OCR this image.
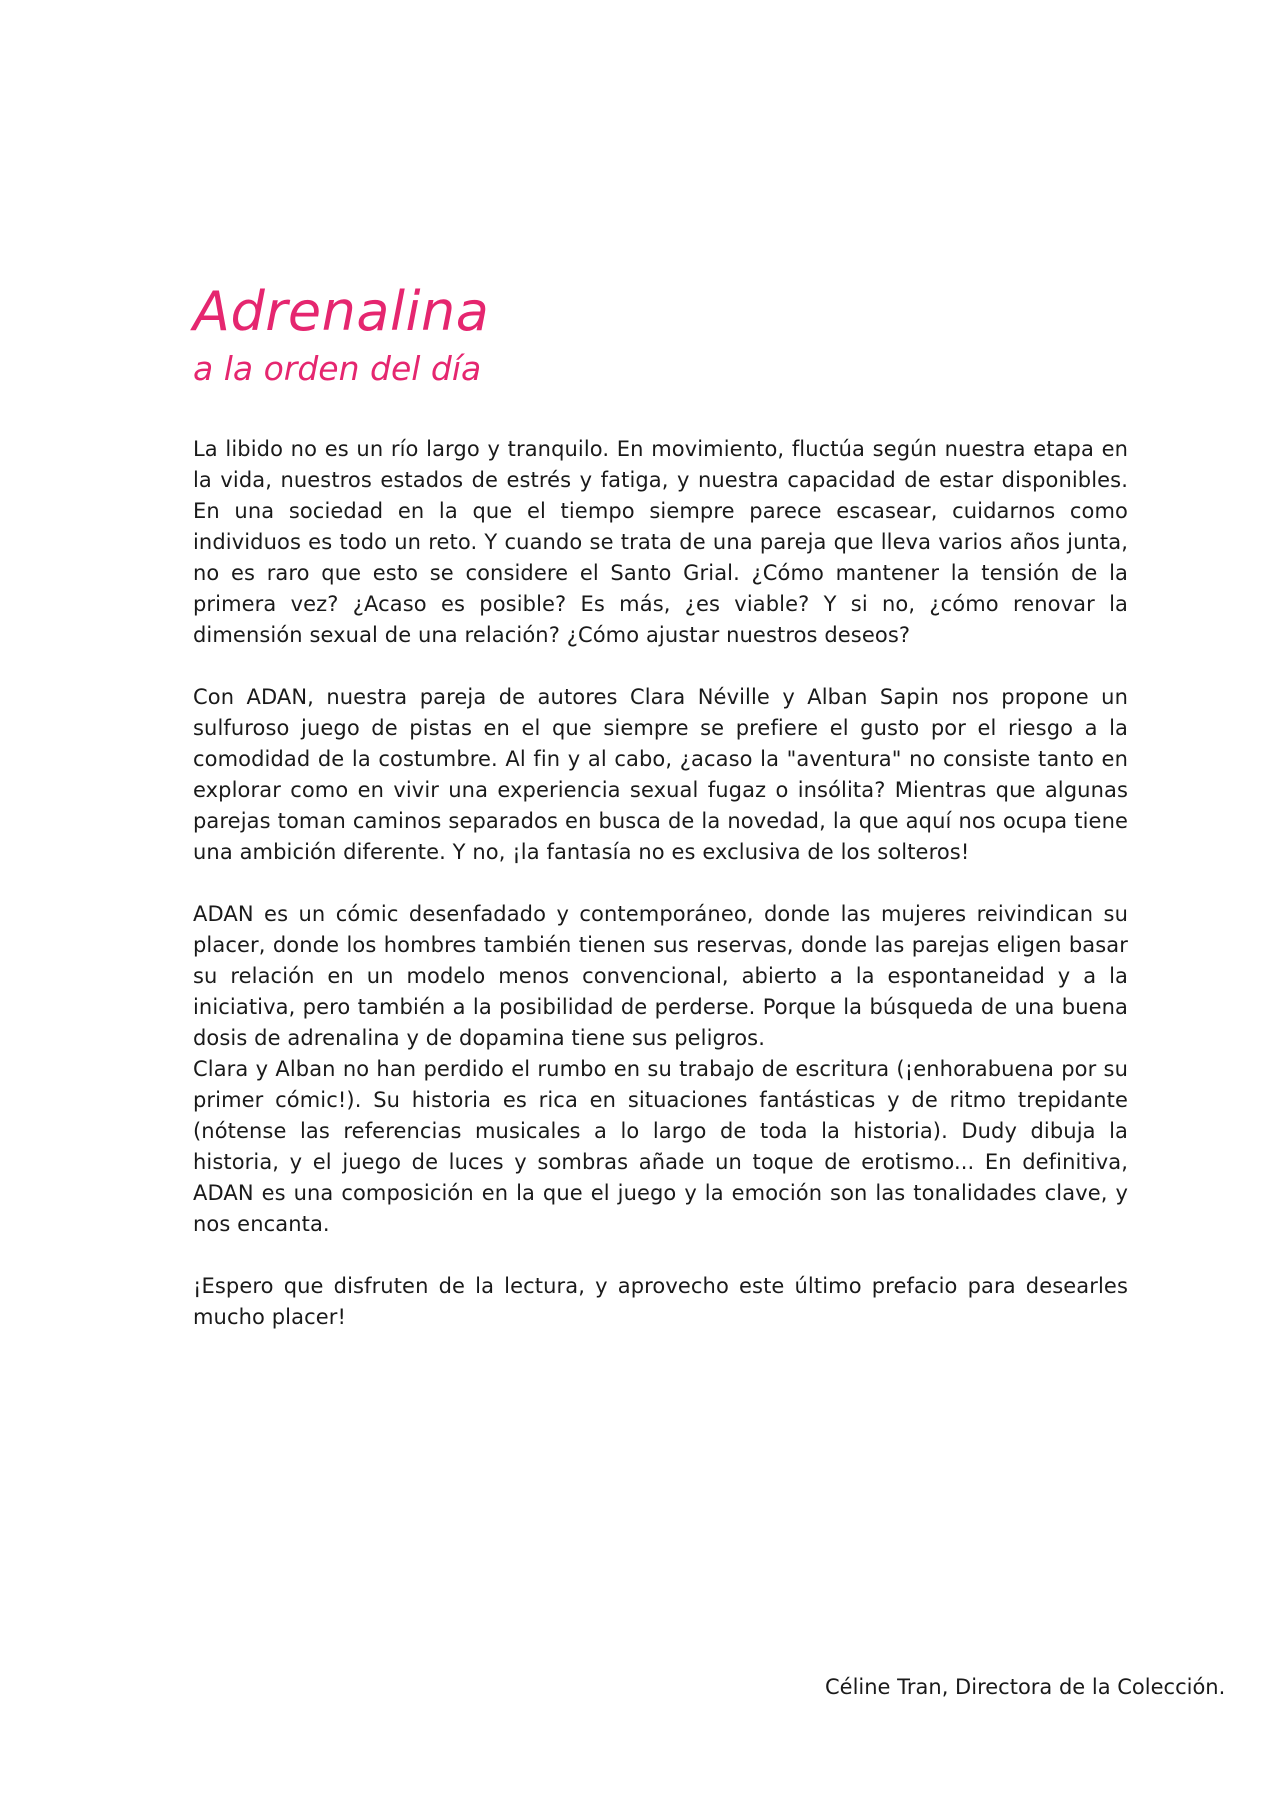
Adrenalina
a la orden del día

La libido no es un río largo y tranquilo. En movimiento, fluctúa según nuestra etapa en la vida, nuestros estados de estrés y fatiga, y nuestra capacidad de estar disponibles. En una sociedad en la que el tiempo siempre parece escasear, cuidarnos como individuos es todo un reto. Y cuando se trata de una pareja que lleva varios años junta, no es raro que esto se considere el Santo Grial. ¿Cómo mantener la tensión de la primera vez? ¿Acaso es posible? Es más, ¿es viable? Y si no, ¿cómo renovar la dimensión sexual de una relación? ¿Cómo ajustar nuestros deseos?

Con ADAN, nuestra pareja de autores Clara Néville y Alban Sapin nos propone un sulfuroso juego de pistas en el que siempre se prefiere el gusto por el riesgo a la comodidad de la costumbre. Al fin y al cabo, ¿acaso la "aventura" no consiste tanto en explorar como en vivir una experiencia sexual fugaz o insólita? Mientras que algunas parejas toman caminos separados en busca de la novedad, la que aquí nos ocupa tiene una ambición diferente. Y no, ¡la fantasía no es exclusiva de los solteros!

ADAN es un cómic desenfadado y contemporáneo, donde las mujeres reivindican su placer, donde los hombres también tienen sus reservas, donde las parejas eligen basar su relación en un modelo menos convencional, abierto a la espontaneidad y a la iniciativa, pero también a la posibilidad de perderse. Porque la búsqueda de una buena dosis de adrenalina y de dopamina tiene sus peligros.

Clara y Alban no han perdido el rumbo en su trabajo de escritura (¡enhorabuena por su primer cómic!). Su historia es rica en situaciones fantásticas y de ritmo trepidante (nótense las referencias musicales a lo largo de toda la historia). Dudy dibuja la historia, y el juego de luces y sombras añade un toque de erotismo... En definitiva, ADAN es una composición en la que el juego y la emoción son las tonalidades clave, y nos encanta.

¡Espero que disfruten de la lectura, y aprovecho este último prefacio para desearles mucho placer!

Céline Tran, Directora de la Colección.
